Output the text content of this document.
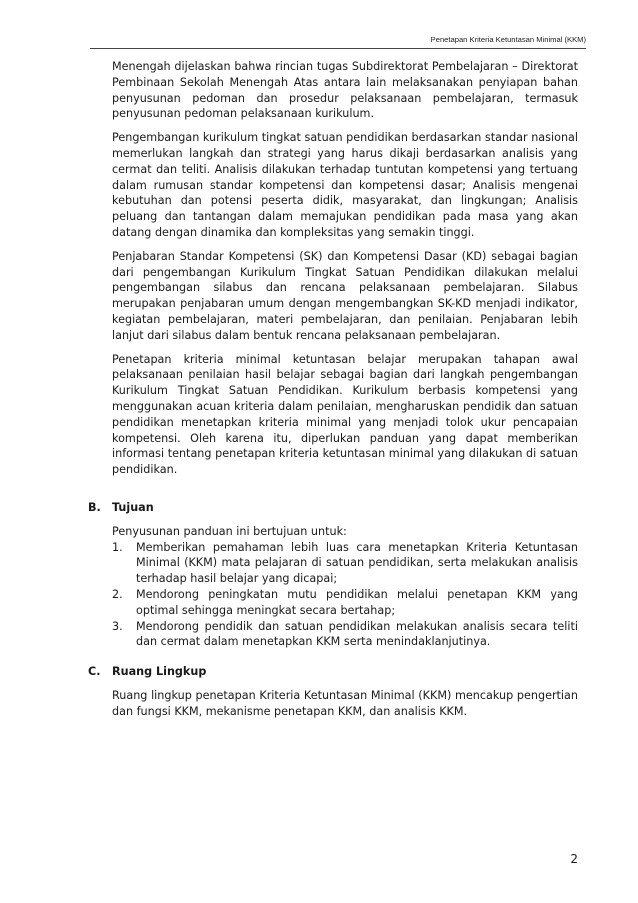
Penetapan Kriteria Ketuntasan Minimal (KKM)

Menengah dijelaskan bahwa rincian tugas Subdirektorat Pembelajaran – Direktorat Pembinaan Sekolah Menengah Atas antara lain melaksanakan penyiapan bahan penyusunan pedoman dan prosedur pelaksanaan pembelajaran, termasuk penyusunan pedoman pelaksanaan kurikulum.

Pengembangan kurikulum tingkat satuan pendidikan berdasarkan standar nasional memerlukan langkah dan strategi yang harus dikaji berdasarkan analisis yang cermat dan teliti. Analisis dilakukan terhadap tuntutan kompetensi yang tertuang dalam rumusan standar kompetensi dan kompetensi dasar; Analisis mengenai kebutuhan dan potensi peserta didik, masyarakat, dan lingkungan; Analisis peluang dan tantangan dalam memajukan pendidikan pada masa yang akan datang dengan dinamika dan kompleksitas yang semakin tinggi.

Penjabaran Standar Kompetensi (SK) dan Kompetensi Dasar (KD) sebagai bagian dari pengembangan Kurikulum Tingkat Satuan Pendidikan dilakukan melalui pengembangan silabus dan rencana pelaksanaan pembelajaran. Silabus merupakan penjabaran umum dengan mengembangkan SK-KD menjadi indikator, kegiatan pembelajaran, materi pembelajaran, dan penilaian. Penjabaran lebih lanjut dari silabus dalam bentuk rencana pelaksanaan pembelajaran.

Penetapan kriteria minimal ketuntasan belajar merupakan tahapan awal pelaksanaan penilaian hasil belajar sebagai bagian dari langkah pengembangan Kurikulum Tingkat Satuan Pendidikan. Kurikulum berbasis kompetensi yang menggunakan acuan kriteria dalam penilaian, mengharuskan pendidik dan satuan pendidikan menetapkan kriteria minimal yang menjadi tolok ukur pencapaian kompetensi. Oleh karena itu, diperlukan panduan yang dapat memberikan informasi tentang penetapan kriteria ketuntasan minimal yang dilakukan di satuan pendidikan.

B. Tujuan

Penyusunan panduan ini bertujuan untuk:

1. Memberikan pemahaman lebih luas cara menetapkan Kriteria Ketuntasan Minimal (KKM) mata pelajaran di satuan pendidikan, serta melakukan analisis terhadap hasil belajar yang dicapai;
2. Mendorong peningkatan mutu pendidikan melalui penetapan KKM yang optimal sehingga meningkat secara bertahap;
3. Mendorong pendidik dan satuan pendidikan melakukan analisis secara teliti dan cermat dalam menetapkan KKM serta menindaklanjutinya.
C. Ruang Lingkup

Ruang lingkup penetapan Kriteria Ketuntasan Minimal (KKM) mencakup pengertian dan fungsi KKM, mekanisme penetapan KKM, dan analisis KKM.

2
